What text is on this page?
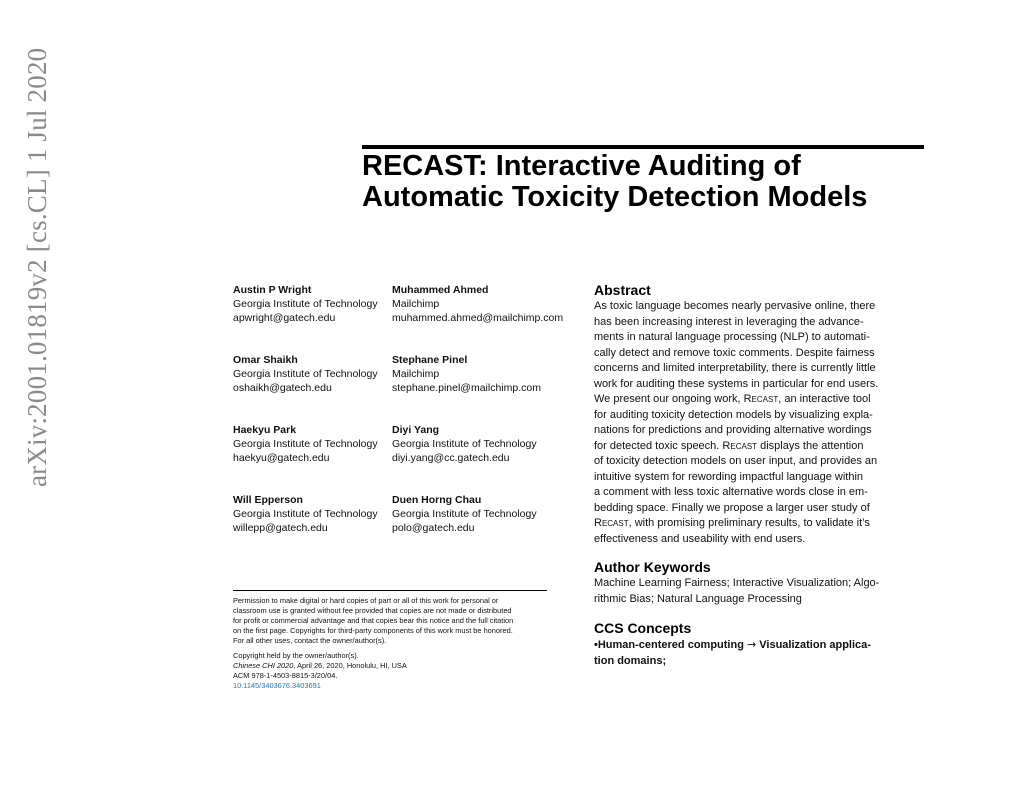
arXiv:2001.01819v2 [cs.CL] 1 Jul 2020	RECAST: Interactive Auditing of
Automatic Toxicity Detection Models
Austin P Wright
Georgia Institute of Technology
apwright@gatech.edu
Muhammed Ahmed
Mailchimp
muhammed.ahmed@mailchimp.com
Omar Shaikh
Georgia Institute of Technology
oshaikh@gatech.edu
Stephane Pinel
Mailchimp
stephane.pinel@mailchimp.com
Haekyu Park
Georgia Institute of Technology
haekyu@gatech.edu
Diyi Yang
Georgia Institute of Technology
diyi.yang@cc.gatech.edu
Will Epperson
Georgia Institute of Technology
willepp@gatech.edu
Duen Horng Chau
Georgia Institute of Technology
polo@gatech.edu

Permission to make digital or hard copies of part or all of this work for personal or
classroom use is granted without fee provided that copies are not made or distributed
for profit or commercial advantage and that copies bear this notice and the full citation
on the first page. Copyrights for third-party components of this work must be honored.
For all other uses, contact the owner/author(s).

Copyright held by the owner/author(s).
Chinese CHI 2020, April 26, 2020, Honolulu, HI, USA
ACM 978-1-4503-8815-3/20/04.
10.1145/3403676.3403691
Abstract
As toxic language becomes nearly pervasive online, there
has been increasing interest in leveraging the advance-
ments in natural language processing (NLP) to automati-
cally detect and remove toxic comments. Despite fairness
concerns and limited interpretability, there is currently little
work for auditing these systems in particular for end users.
We present our ongoing work, Recast, an interactive tool
for auditing toxicity detection models by visualizing expla-
nations for predictions and providing alternative wordings
for detected toxic speech. Recast displays the attention
of toxicity detection models on user input, and provides an
intuitive system for rewording impactful language within
a comment with less toxic alternative words close in em-
bedding space. Finally we propose a larger user study of
Recast, with promising preliminary results, to validate it’s
effectiveness and useability with end users.
Author Keywords
Machine Learning Fairness; Interactive Visualization; Algo-
rithmic Bias; Natural Language Processing
CCS Concepts
•Human-centered computing → Visualization applica-
tion domains;
